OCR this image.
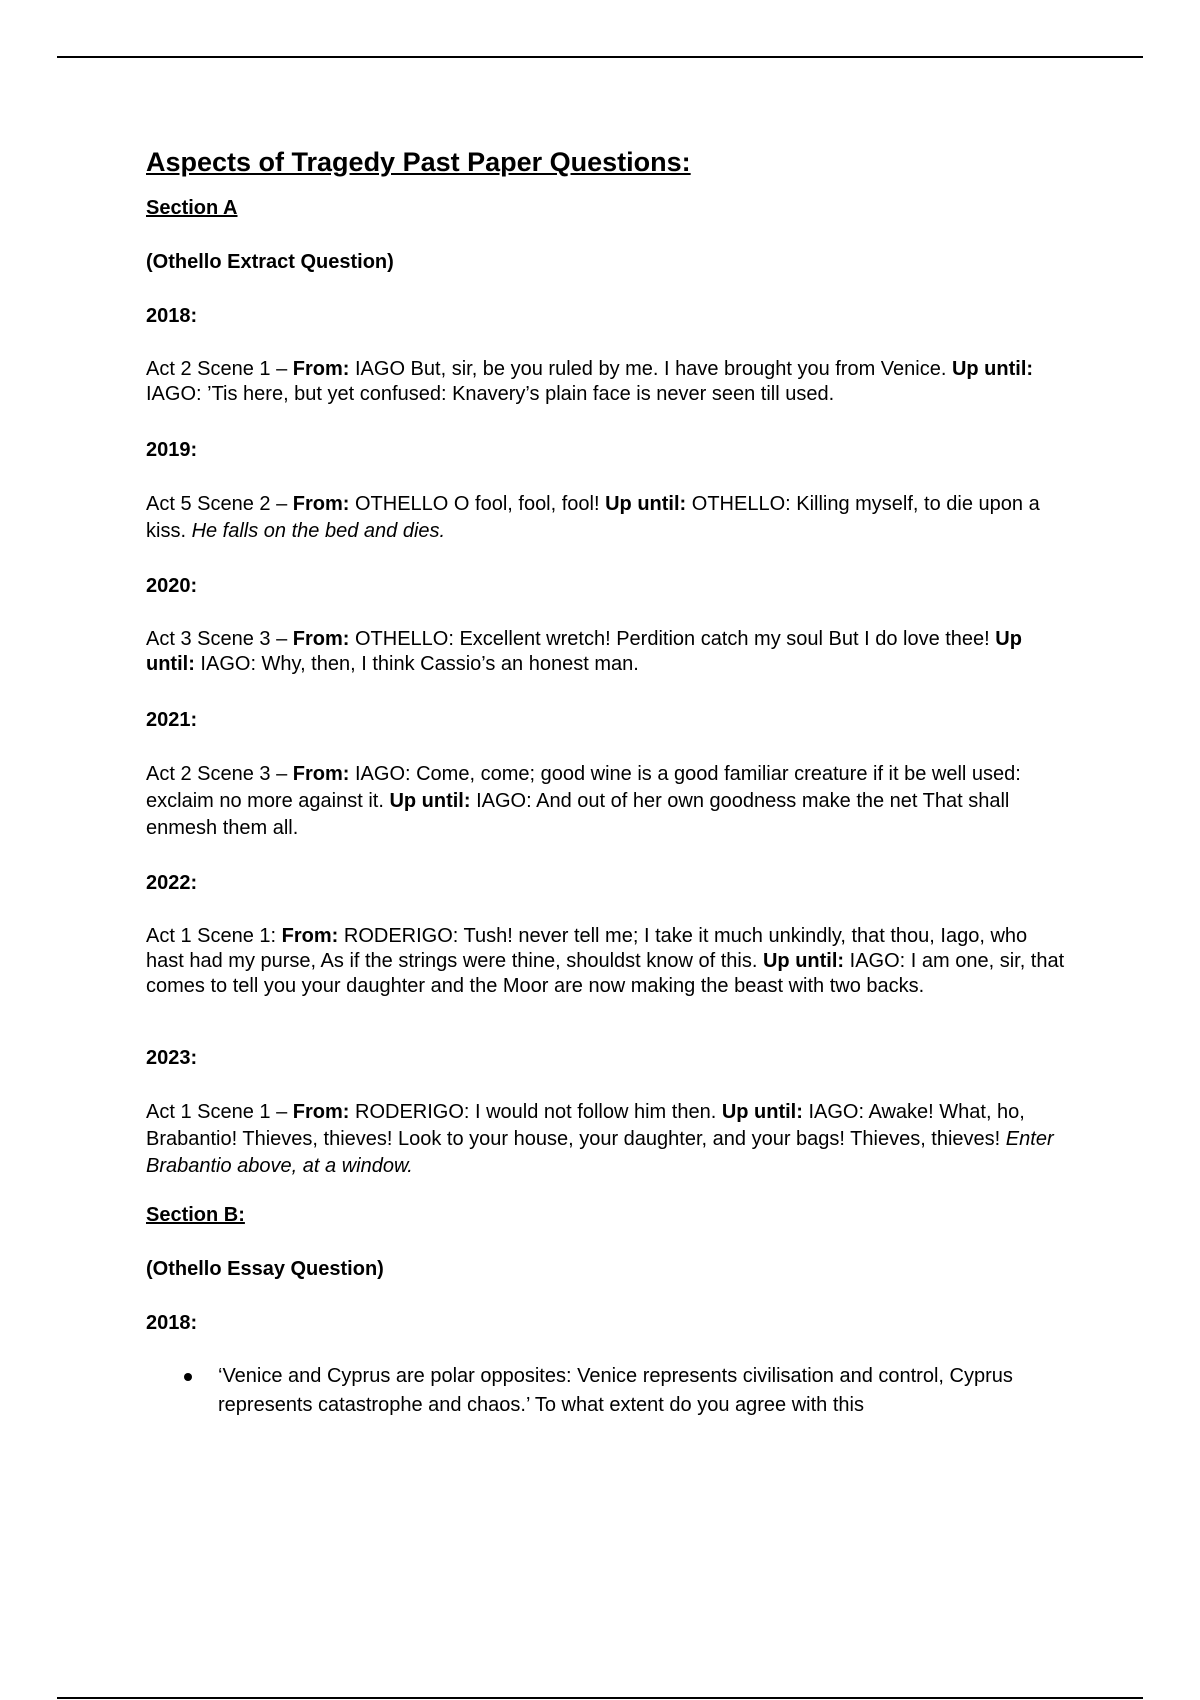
Aspects of Tragedy Past Paper Questions:
Section A
(Othello Extract Question)
2018:
Act 2 Scene 1 – From: IAGO But, sir, be you ruled by me. I have brought you from Venice. Up until: IAGO: ’Tis here, but yet confused: Knavery’s plain face is never seen till used.
2019:
Act 5 Scene 2 – From: OTHELLO O fool, fool, fool! Up until: OTHELLO: Killing myself, to die upon a kiss. He falls on the bed and dies.
2020:
Act 3 Scene 3 – From: OTHELLO: Excellent wretch! Perdition catch my soul But I do love thee! Up until: IAGO: Why, then, I think Cassio’s an honest man.
2021:
Act 2 Scene 3 – From: IAGO: Come, come; good wine is a good familiar creature if it be well used: exclaim no more against it. Up until: IAGO: And out of her own goodness make the net That shall enmesh them all.
2022:
Act 1 Scene 1: From: RODERIGO: Tush! never tell me; I take it much unkindly, that thou, Iago, who hast had my purse, As if the strings were thine, shouldst know of this. Up until: IAGO: I am one, sir, that comes to tell you your daughter and the Moor are now making the beast with two backs.
2023:
Act 1 Scene 1 – From: RODERIGO: I would not follow him then. Up until: IAGO: Awake! What, ho, Brabantio! Thieves, thieves! Look to your house, your daughter, and your bags! Thieves, thieves! Enter Brabantio above, at a window.
Section B:
(Othello Essay Question)
2018:
‘Venice and Cyprus are polar opposites: Venice represents civilisation and control, Cyprus represents catastrophe and chaos.’ To what extent do you agree with this
